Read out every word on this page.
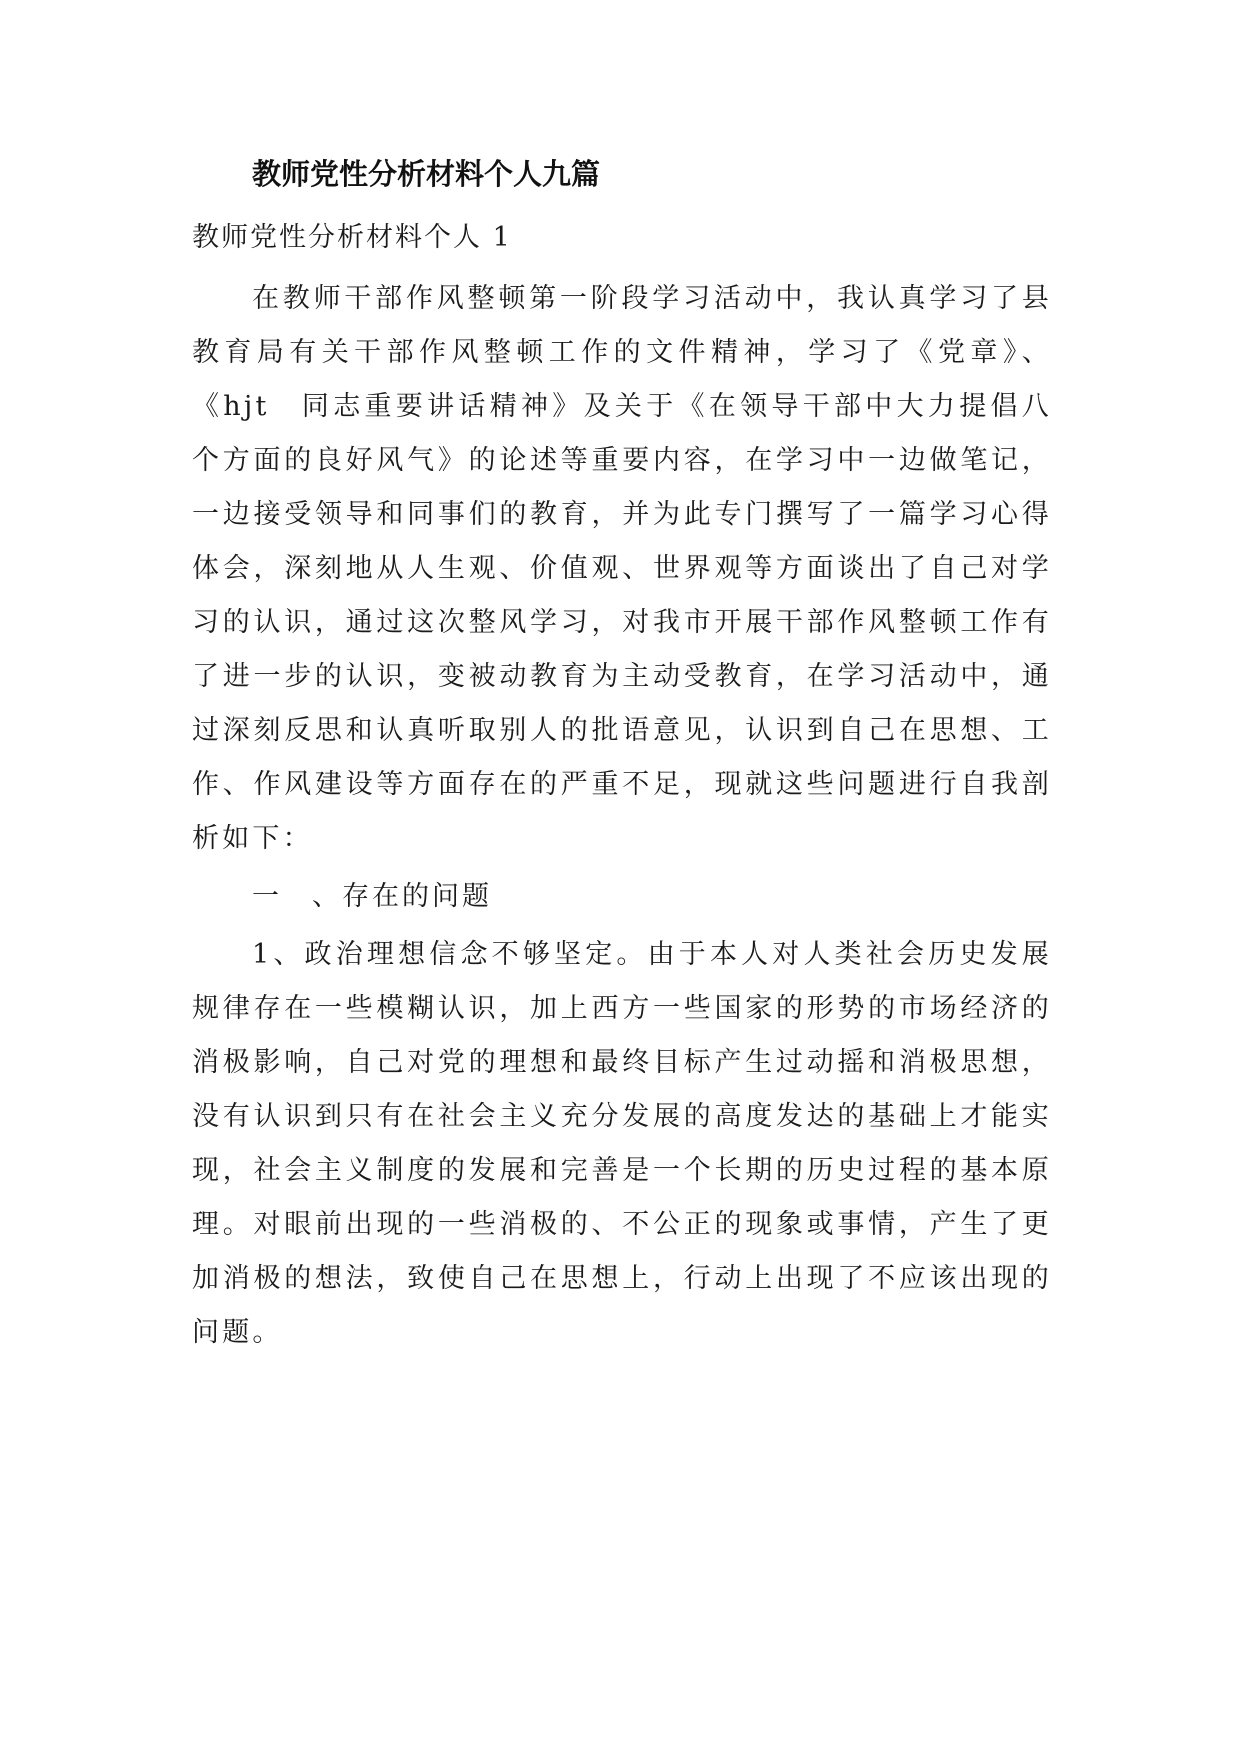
教师党性分析材料个人九篇
教师党性分析材料个人 1

在教师干部作风整顿第一阶段学习活动中，我认真学习了县教育局有关干部作风整顿工作的文件精神，学习了《党章》、《hjt　同志重要讲话精神》及关于《在领导干部中大力提倡八个方面的良好风气》的论述等重要内容，在学习中一边做笔记，一边接受领导和同事们的教育，并为此专门撰写了一篇学习心得体会，深刻地从人生观、价值观、世界观等方面谈出了自己对学习的认识，通过这次整风学习，对我市开展干部作风整顿工作有了进一步的认识，变被动教育为主动受教育，在学习活动中，通过深刻反思和认真听取别人的批语意见，认识到自己在思想、工作、作风建设等方面存在的严重不足，现就这些问题进行自我剖析如下：

一　、存在的问题

1、政治理想信念不够坚定。由于本人对人类社会历史发展规律存在一些模糊认识，加上西方一些国家的形势的市场经济的消极影响，自己对党的理想和最终目标产生过动摇和消极思想，没有认识到只有在社会主义充分发展的高度发达的基础上才能实现，社会主义制度的发展和完善是一个长期的历史过程的基本原理。对眼前出现的一些消极的、不公正的现象或事情，产生了更加消极的想法，致使自己在思想上，行动上出现了不应该出现的问题。
